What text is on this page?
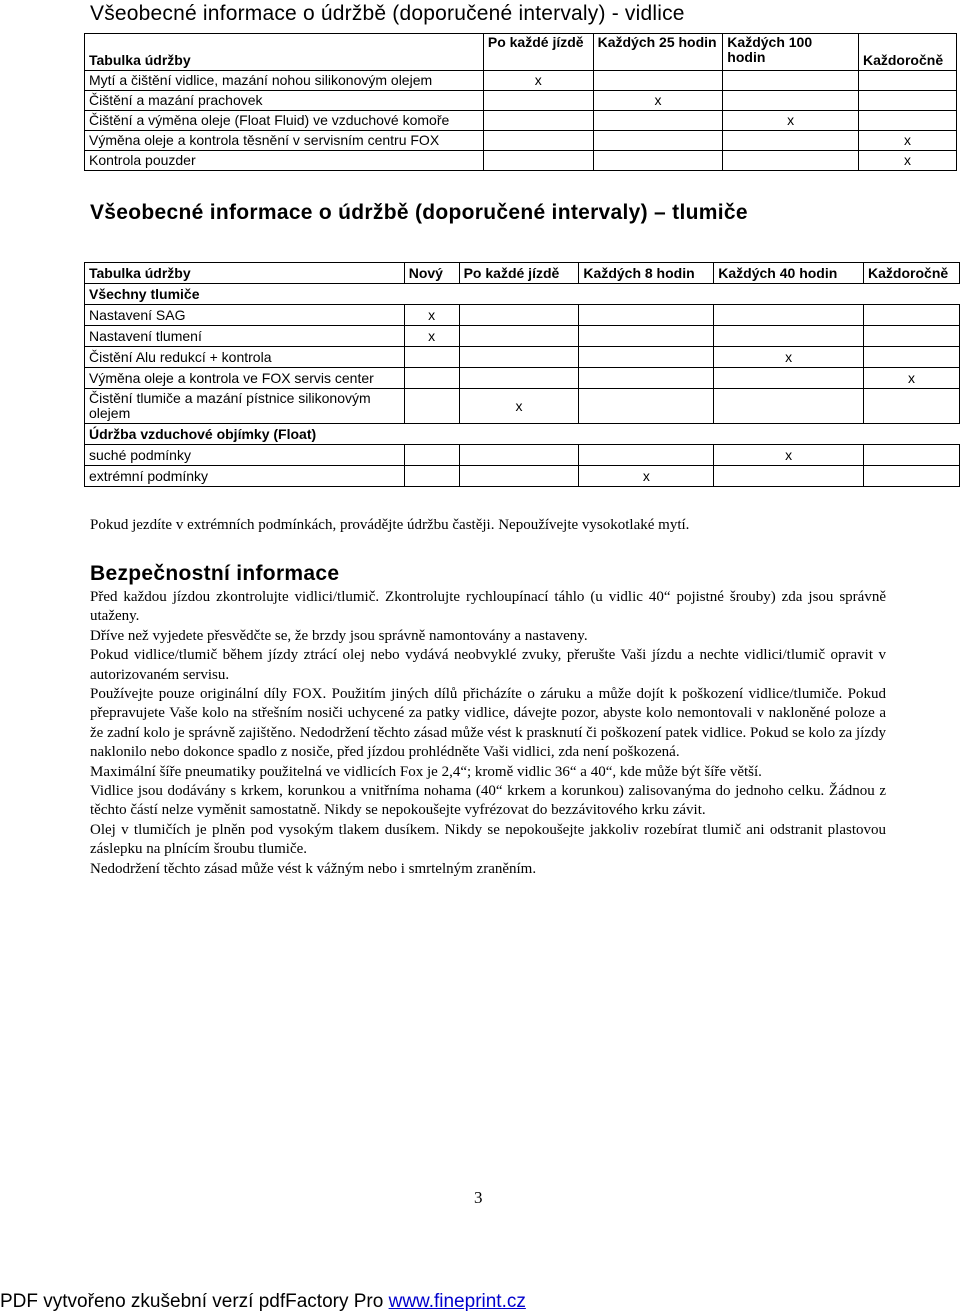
Všeobecné informace o údržbě (doporučené intervaly) - vidlice
Tabulka údržby	Po každé jízdě	Každých 25 hodin	Každých 100 hodin	Každoročně
Mytí a čištění vidlice, mazání nohou silikonovým olejem	x			
Čištění a mazání prachovek		x		
Čištění a výměna oleje (Float Fluid) ve vzduchové komoře			x	
Výměna oleje a kontrola těsnění v servisním centru FOX				x
Kontrola pouzder				x
Všeobecné informace o údržbě (doporučené intervaly) – tlumiče
Tabulka údržby	Nový	Po každé jízdě	Každých 8 hodin	Každých 40 hodin	Každoročně
Všechny tlumiče					
Nastavení SAG	x				
Nastavení tlumení	x				
Čistění Alu redukcí + kontrola				x	
Výměna oleje a kontrola ve FOX servis center					x
Čistění tlumiče a mazání pístnice silikonovým olejem		x			
Údržba vzduchové objímky (Float)					
suché podmínky				x	
extrémní podmínky			x		
Pokud jezdíte v extrémních podmínkách, provádějte údržbu častěji. Nepoužívejte vysokotlaké mytí.
Bezpečnostní informace

Před každou jízdou zkontrolujte vidlici/tlumič. Zkontrolujte rychloupínací táhlo (u vidlic 40“ pojistné šrouby) zda jsou správně utaženy.

Dříve než vyjedete přesvědčte se, že brzdy jsou správně namontovány a nastaveny.

Pokud vidlice/tlumič během jízdy ztrácí olej nebo vydává neobvyklé zvuky, přerušte Vaši jízdu a nechte vidlici/tlumič opravit v autorizovaném servisu.

Používejte pouze originální díly FOX. Použitím jiných dílů přicházíte o záruku a může dojít k poškození vidlice/tlumiče. Pokud přepravujete Vaše kolo na střešním nosiči uchycené za patky vidlice, dávejte pozor, abyste kolo nemontovali v nakloněné poloze a že zadní kolo je správně zajištěno. Nedodržení těchto zásad může vést k prasknutí či poškození patek vidlice. Pokud se kolo za jízdy naklonilo nebo dokonce spadlo z nosiče, před jízdou prohlédněte Vaši vidlici, zda není poškozená.

Maximální šíře pneumatiky použitelná ve vidlicích Fox je 2,4“; kromě vidlic 36“ a 40“, kde může být šíře větší.

Vidlice jsou dodávány s krkem, korunkou a vnitřníma nohama (40“ krkem a korunkou) zalisovanýma do jednoho celku. Žádnou z těchto částí nelze vyměnit samostatně. Nikdy se nepokoušejte vyfrézovat do bezzávitového krku závit.

Olej v tlumičích je plněn pod vysokým tlakem dusíkem. Nikdy se nepokoušejte jakkoliv rozebírat tlumič ani odstranit plastovou záslepku na plnícím šroubu tlumiče.

Nedodržení těchto zásad může vést k vážným nebo i smrtelným zraněním.

3
PDF vytvořeno zkušební verzí pdfFactory Pro www.fineprint.cz
